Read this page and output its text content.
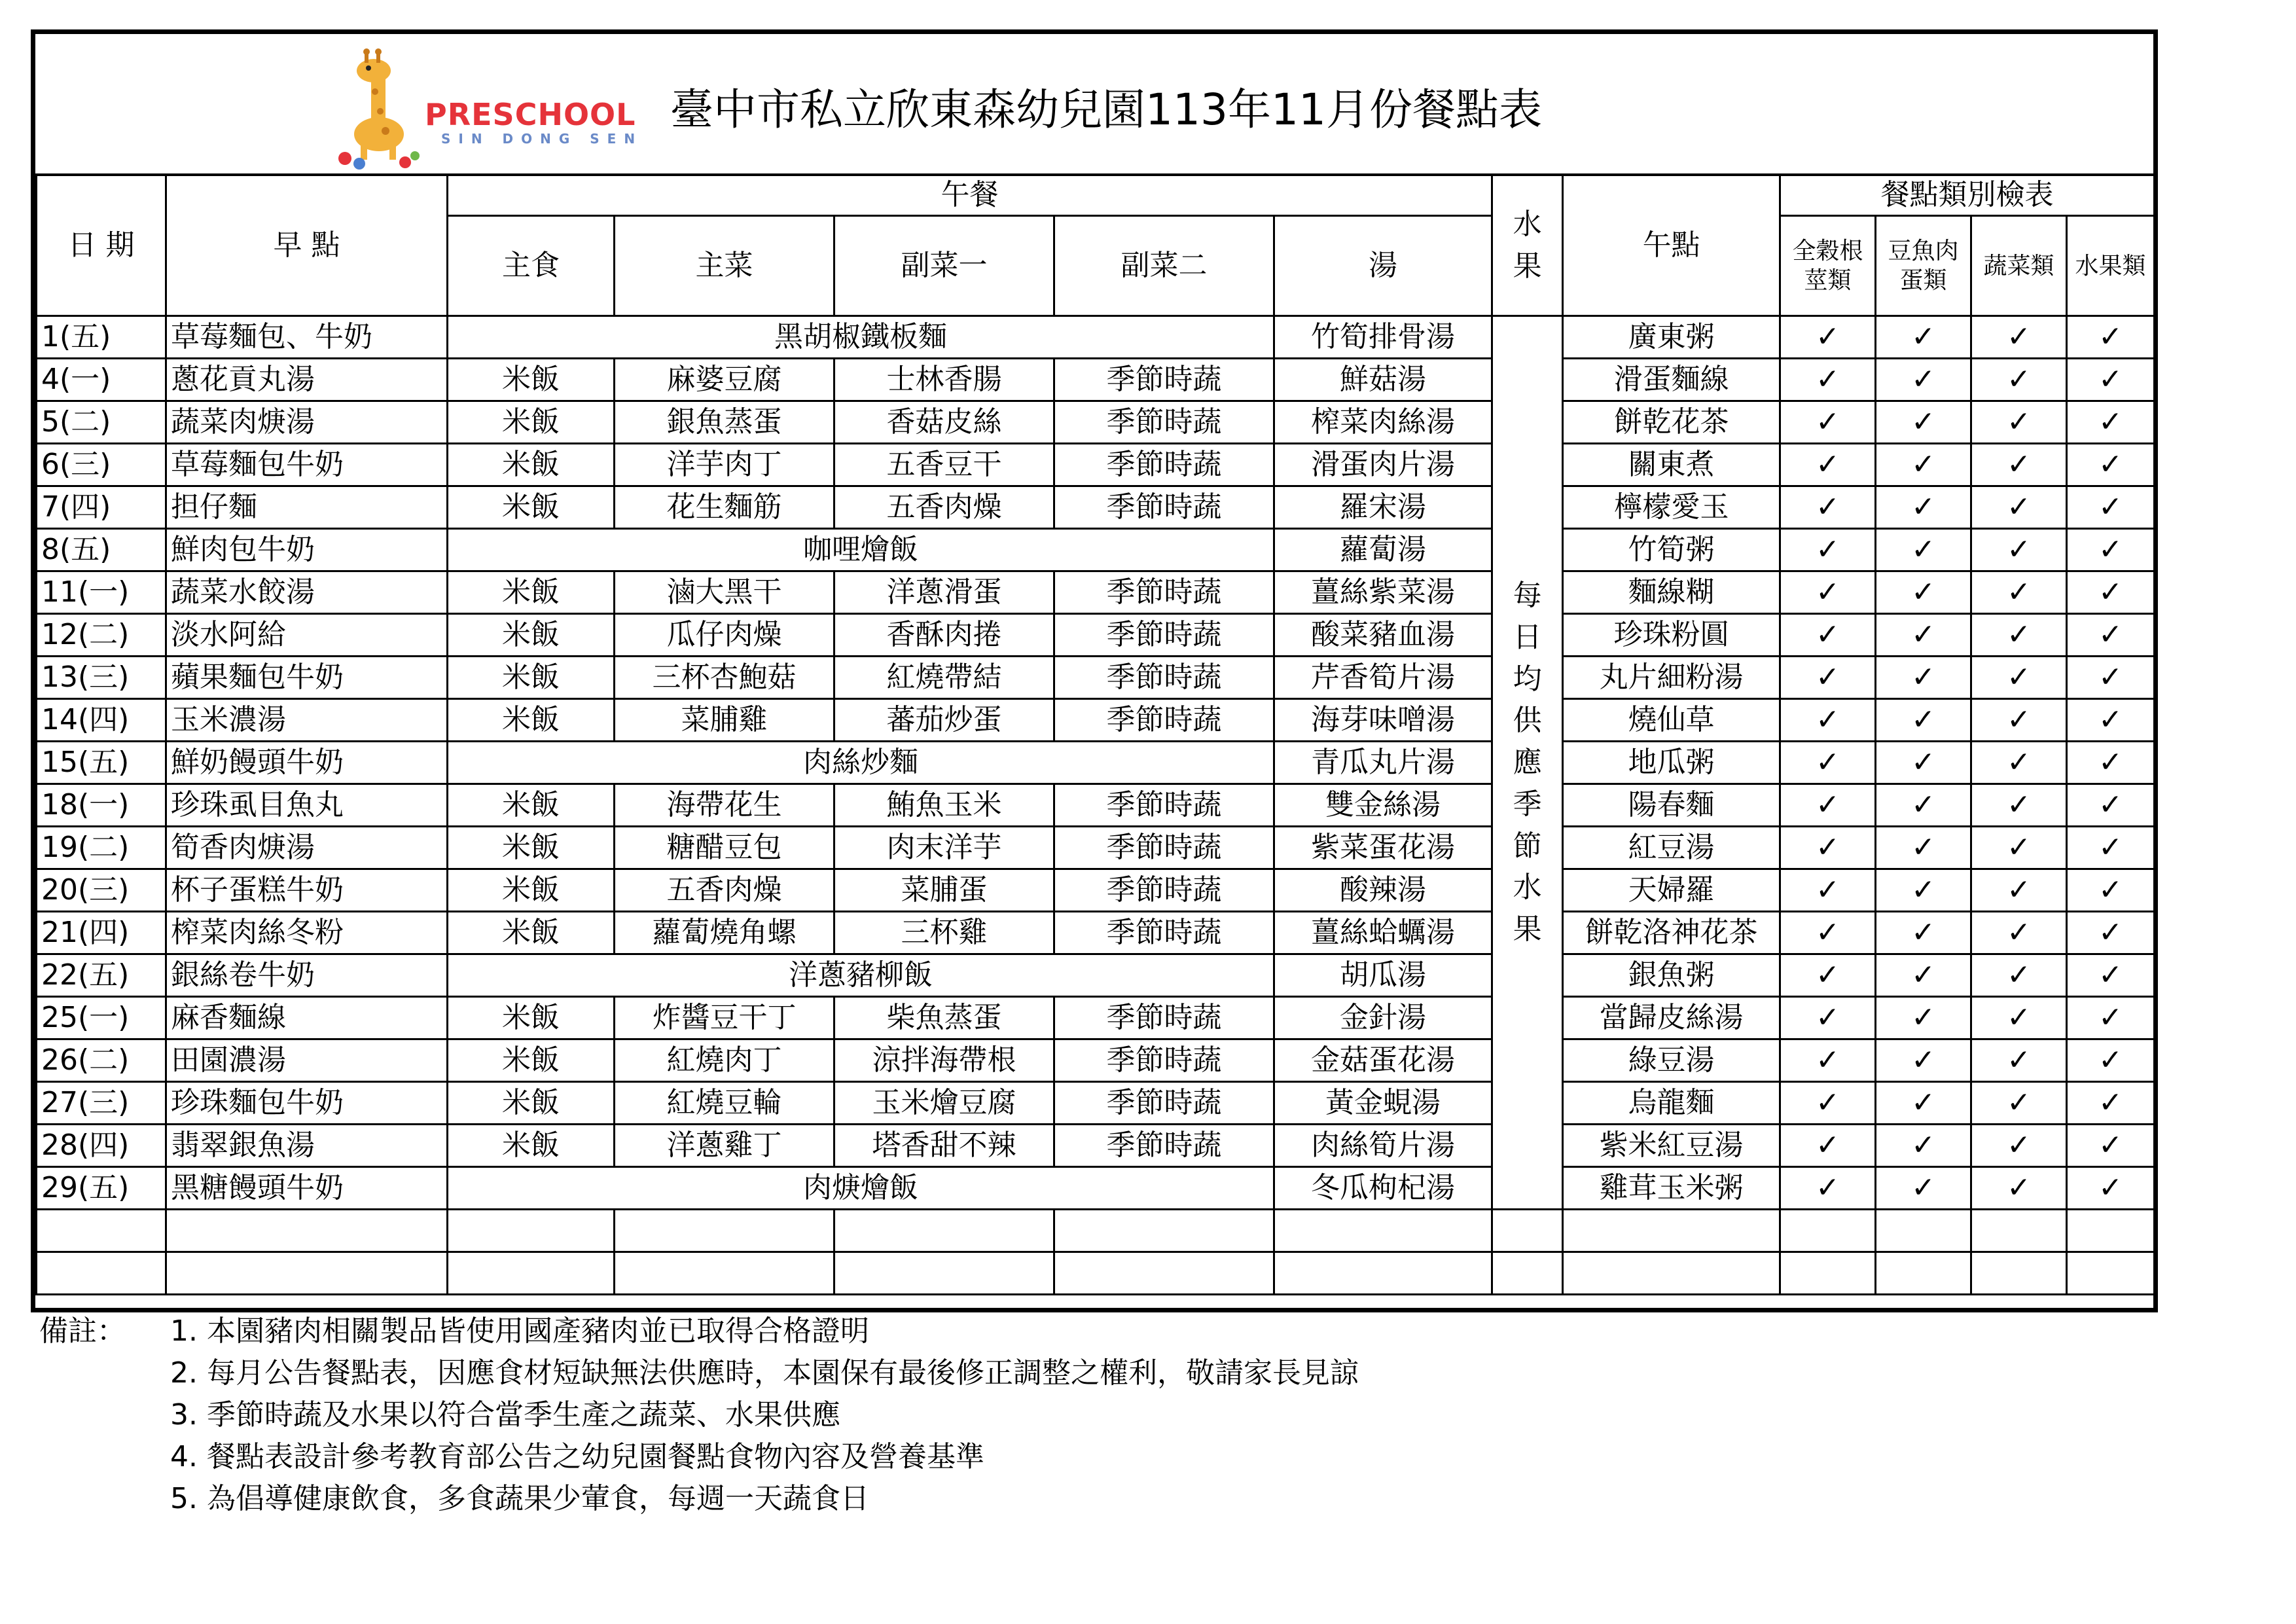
PRESCHOOL
SIN DONG SEN
臺中市私立欣東森幼兒園113年11月份餐點表
日 期	早 點	午餐					水果	午點	餐點類別檢表			
		主食	主菜	副菜一	副菜二	湯			全穀根莖類	豆魚肉蛋類	蔬菜類	水果類
1(五)	草莓麵包、牛奶	黑胡椒鐵板麵				竹筍排骨湯	每日均供應季節水果	廣東粥	✓	✓	✓	✓
4(一)	蔥花貢丸湯	米飯	麻婆豆腐	士林香腸	季節時蔬	鮮菇湯		滑蛋麵線	✓	✓	✓	✓
5(二)	蔬菜肉焿湯	米飯	銀魚蒸蛋	香菇皮絲	季節時蔬	榨菜肉絲湯		餅乾花茶	✓	✓	✓	✓
6(三)	草莓麵包牛奶	米飯	洋芋肉丁	五香豆干	季節時蔬	滑蛋肉片湯		關東煮	✓	✓	✓	✓
7(四)	担仔麵	米飯	花生麵筋	五香肉燥	季節時蔬	羅宋湯		檸檬愛玉	✓	✓	✓	✓
8(五)	鮮肉包牛奶	咖哩燴飯				蘿蔔湯		竹筍粥	✓	✓	✓	✓
11(一)	蔬菜水餃湯	米飯	滷大黑干	洋蔥滑蛋	季節時蔬	薑絲紫菜湯		麵線糊	✓	✓	✓	✓
12(二)	淡水阿給	米飯	瓜仔肉燥	香酥肉捲	季節時蔬	酸菜豬血湯		珍珠粉圓	✓	✓	✓	✓
13(三)	蘋果麵包牛奶	米飯	三杯杏鮑菇	紅燒帶結	季節時蔬	芹香筍片湯		丸片細粉湯	✓	✓	✓	✓
14(四)	玉米濃湯	米飯	菜脯雞	蕃茄炒蛋	季節時蔬	海芽味噌湯		燒仙草	✓	✓	✓	✓
15(五)	鮮奶饅頭牛奶	肉絲炒麵				青瓜丸片湯		地瓜粥	✓	✓	✓	✓
18(一)	珍珠虱目魚丸	米飯	海帶花生	鮪魚玉米	季節時蔬	雙金絲湯		陽春麵	✓	✓	✓	✓
19(二)	筍香肉焿湯	米飯	糖醋豆包	肉末洋芋	季節時蔬	紫菜蛋花湯		紅豆湯	✓	✓	✓	✓
20(三)	杯子蛋糕牛奶	米飯	五香肉燥	菜脯蛋	季節時蔬	酸辣湯		天婦羅	✓	✓	✓	✓
21(四)	榨菜肉絲冬粉	米飯	蘿蔔燒角螺	三杯雞	季節時蔬	薑絲蛤蠣湯		餅乾洛神花茶	✓	✓	✓	✓
22(五)	銀絲卷牛奶	洋蔥豬柳飯				胡瓜湯		銀魚粥	✓	✓	✓	✓
25(一)	麻香麵線	米飯	炸醬豆干丁	柴魚蒸蛋	季節時蔬	金針湯		當歸皮絲湯	✓	✓	✓	✓
26(二)	田園濃湯	米飯	紅燒肉丁	涼拌海帶根	季節時蔬	金菇蛋花湯		綠豆湯	✓	✓	✓	✓
27(三)	珍珠麵包牛奶	米飯	紅燒豆輪	玉米燴豆腐	季節時蔬	黃金蜆湯		烏龍麵	✓	✓	✓	✓
28(四)	翡翠銀魚湯	米飯	洋蔥雞丁	塔香甜不辣	季節時蔬	肉絲筍片湯		紫米紅豆湯	✓	✓	✓	✓
29(五)	黑糖饅頭牛奶	肉焿燴飯				冬瓜枸杞湯		雞茸玉米粥	✓	✓	✓	✓

備註： 1. 本園豬肉相關製品皆使用國產豬肉並已取得合格證明
2. 每月公告餐點表，因應食材短缺無法供應時，本園保有最後修正調整之權利，敬請家長見諒
3. 季節時蔬及水果以符合當季生產之蔬菜、水果供應
4. 餐點表設計參考教育部公告之幼兒園餐點食物內容及營養基準
5. 為倡導健康飲食，多食蔬果少葷食，每週一天蔬食日
